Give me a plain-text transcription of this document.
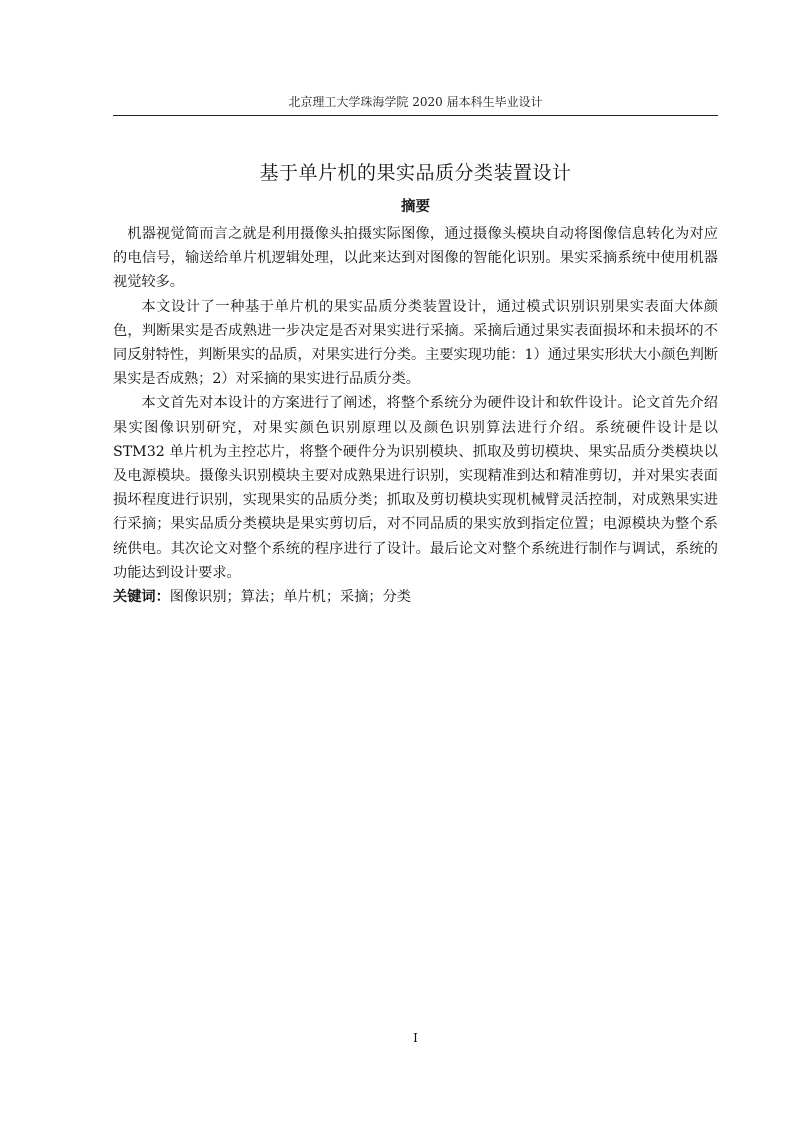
北京理工大学珠海学院 2020 届本科生毕业设计
基于单片机的果实品质分类装置设计
摘要

机器视觉简而言之就是利用摄像头拍摄实际图像，通过摄像头模块自动将图像信息转化为对应的电信号，输送给单片机逻辑处理，以此来达到对图像的智能化识别。果实采摘系统中使用机器视觉较多。

本文设计了一种基于单片机的果实品质分类装置设计，通过模式识别识别果实表面大体颜色，判断果实是否成熟进一步决定是否对果实进行采摘。采摘后通过果实表面损坏和未损坏的不同反射特性，判断果实的品质，对果实进行分类。主要实现功能：1）通过果实形状大小颜色判断果实是否成熟；2）对采摘的果实进行品质分类。

本文首先对本设计的方案进行了阐述，将整个系统分为硬件设计和软件设计。论文首先介绍果实图像识别研究，对果实颜色识别原理以及颜色识别算法进行介绍。系统硬件设计是以 STM32 单片机为主控芯片，将整个硬件分为识别模块、抓取及剪切模块、果实品质分类模块以及电源模块。摄像头识别模块主要对成熟果进行识别，实现精准到达和精准剪切，并对果实表面损坏程度进行识别，实现果实的品质分类；抓取及剪切模块实现机械臂灵活控制，对成熟果实进行采摘；果实品质分类模块是果实剪切后，对不同品质的果实放到指定位置；电源模块为整个系统供电。其次论文对整个系统的程序进行了设计。最后论文对整个系统进行制作与调试，系统的功能达到设计要求。

关键词：图像识别；算法；单片机；采摘；分类
I
